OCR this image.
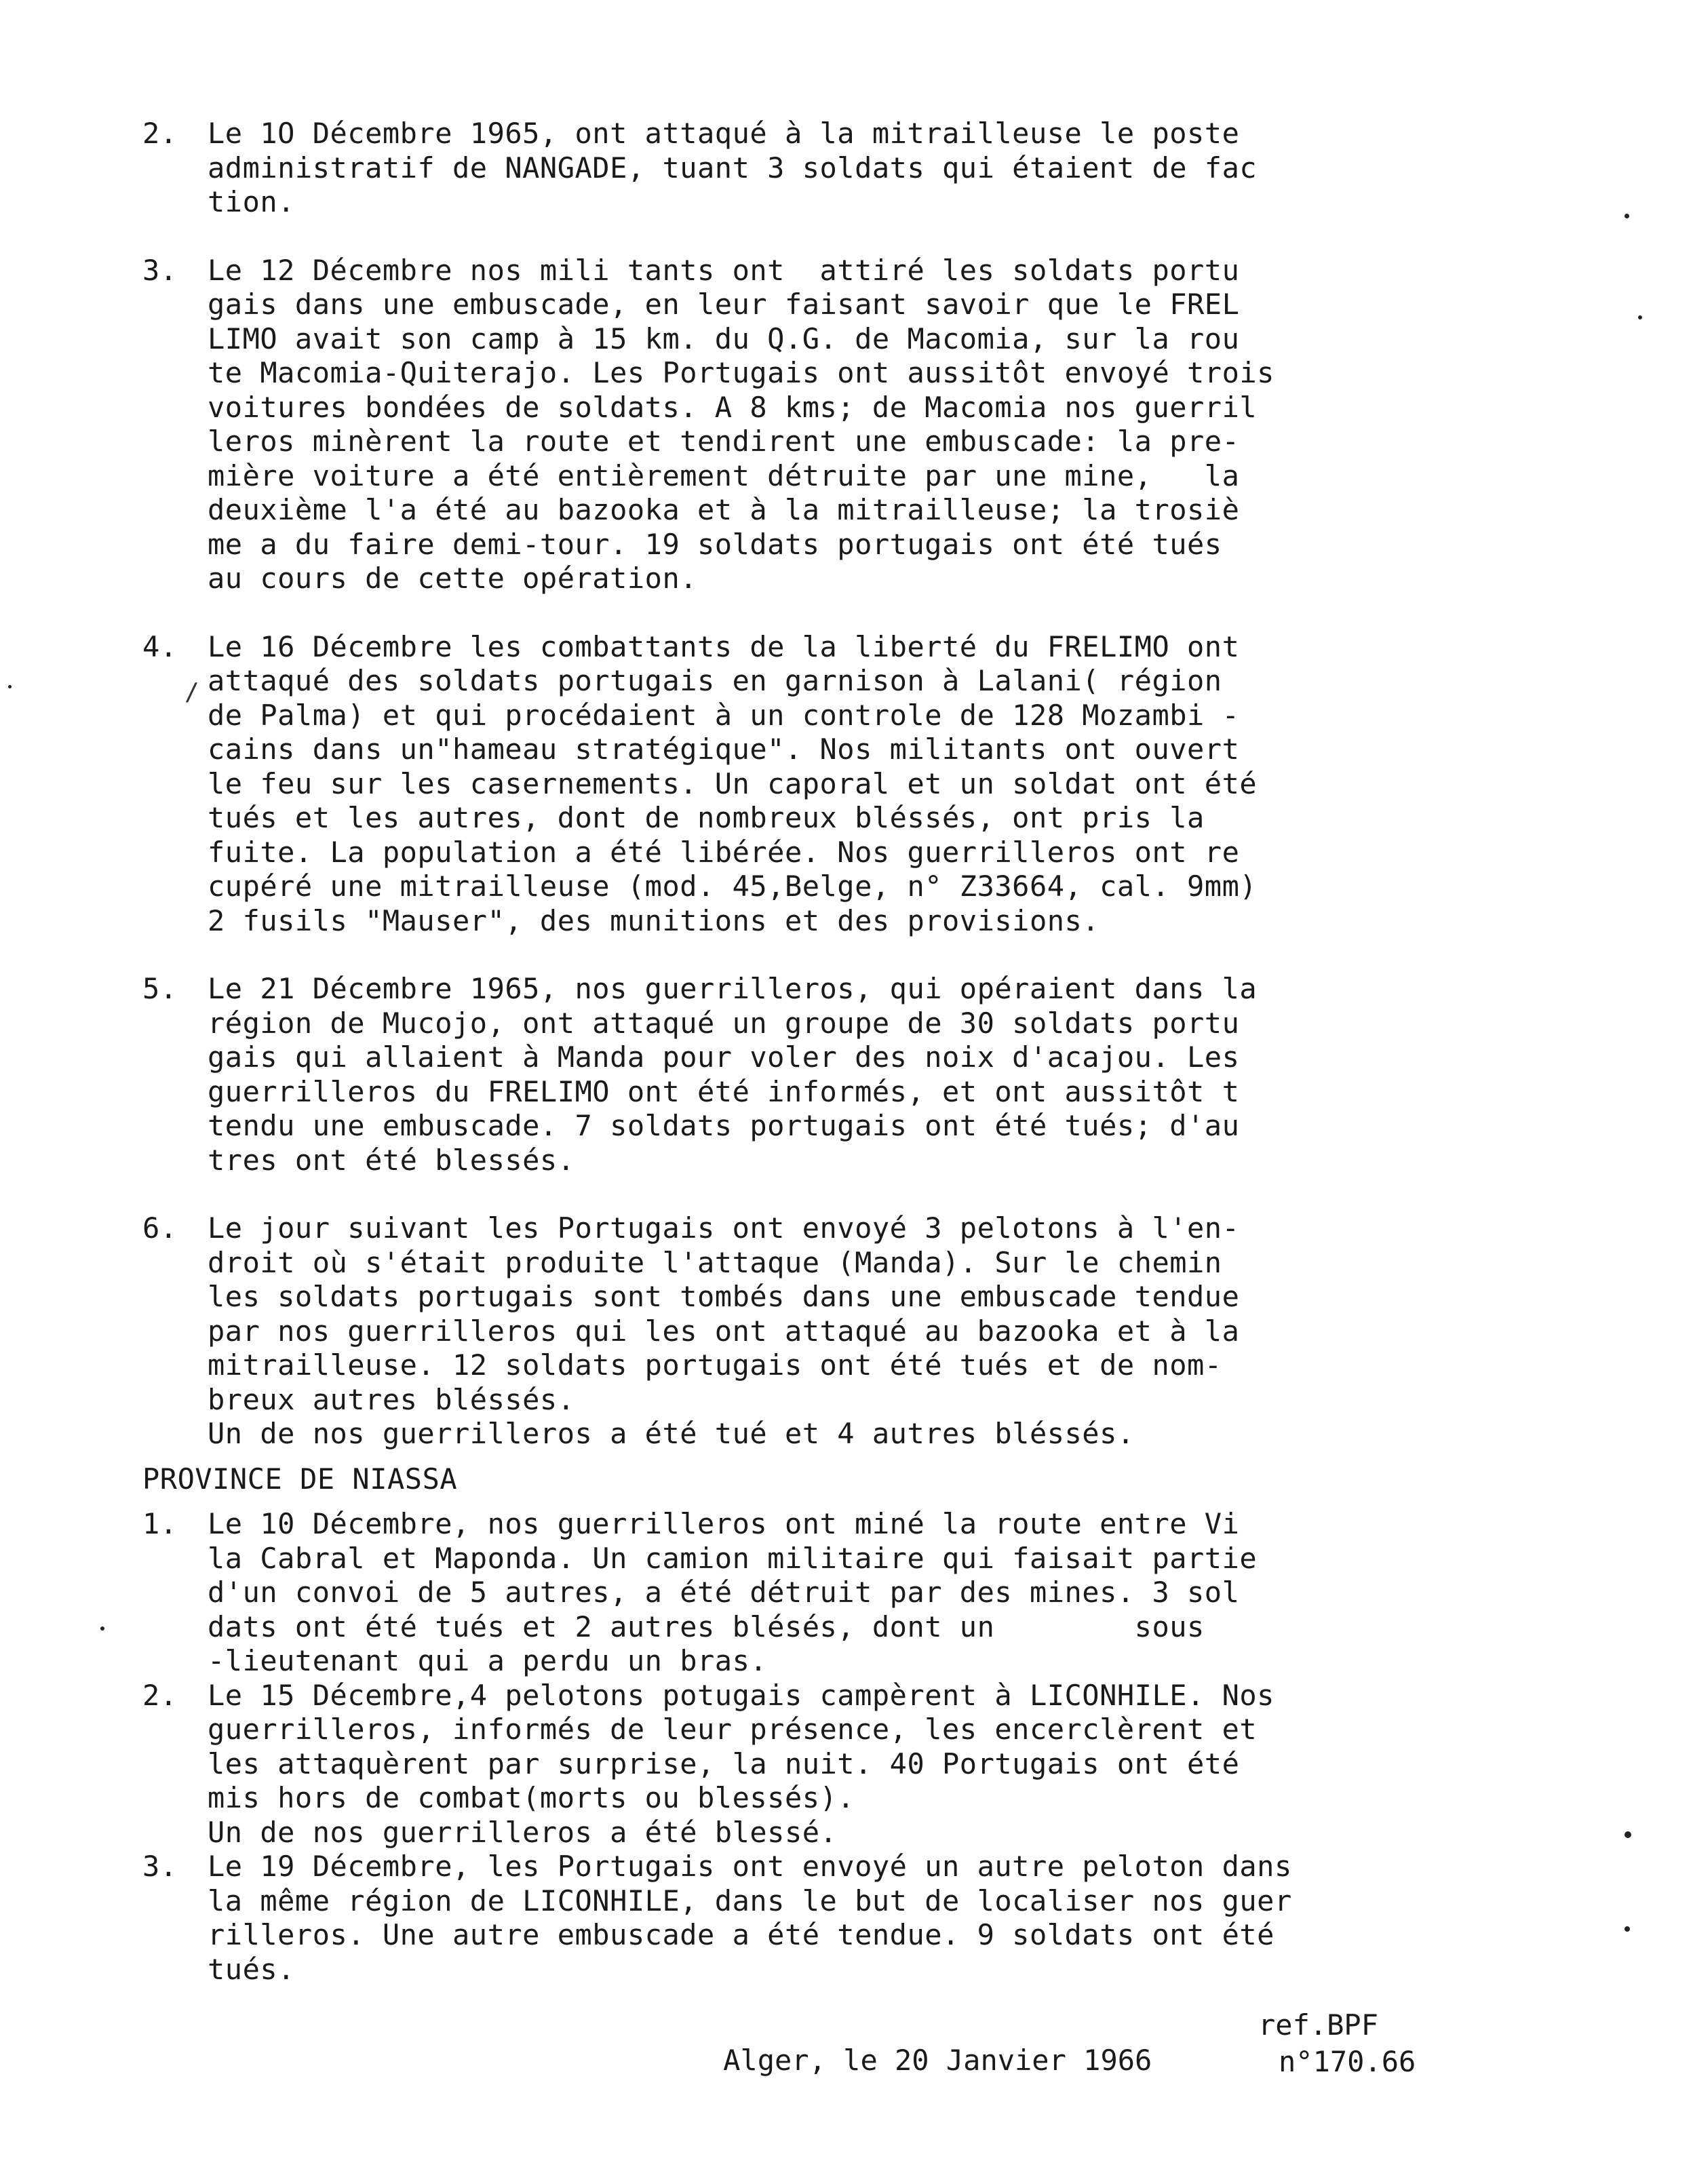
2. Le 1O Décembre 1965, ont attaqué à la mitrailleuse le poste

administratif de NANGADE, tuant 3 soldats qui étaient de fac

tion.

3. Le 12 Décembre nos mili tants ont  attiré les soldats portu

gais dans une embuscade, en leur faisant savoir que le FREL

LIMO avait son camp à 15 km. du Q.G. de Macomia, sur la rou

te Macomia-Quiterajo. Les Portugais ont aussitôt envoyé trois

voitures bondées de soldats. A 8 kms; de Macomia nos guerril

leros minèrent la route et tendirent une embuscade: la pre-

mière voiture a été entièrement détruite par une mine,   la

deuxième l'a été au bazooka et à la mitrailleuse; la trosiè

me a du faire demi-tour. 19 soldats portugais ont été tués

au cours de cette opération.

4. Le 16 Décembre les combattants de la liberté du FRELIMO ont

attaqué des soldats portugais en garnison à Lalani( région

de Palma) et qui procédaient à un controle de 128 Mozambi -

cains dans un"hameau stratégique". Nos militants ont ouvert

le feu sur les casernements. Un caporal et un soldat ont été

tués et les autres, dont de nombreux bléssés, ont pris la

fuite. La population a été libérée. Nos guerrilleros ont re

cupéré une mitrailleuse (mod. 45,Belge, n° Z33664, cal. 9mm)

2 fusils "Mauser", des munitions et des provisions.

5. Le 21 Décembre 1965, nos guerrilleros, qui opéraient dans la

région de Mucojo, ont attaqué un groupe de 30 soldats portu

gais qui allaient à Manda pour voler des noix d'acajou. Les

guerrilleros du FRELIMO ont été informés, et ont aussitôt t

tendu une embuscade. 7 soldats portugais ont été tués; d'au

tres ont été blessés.

6. Le jour suivant les Portugais ont envoyé 3 pelotons à l'en-

droit où s'était produite l'attaque (Manda). Sur le chemin

les soldats portugais sont tombés dans une embuscade tendue

par nos guerrilleros qui les ont attaqué au bazooka et à la

mitrailleuse. 12 soldats portugais ont été tués et de nom-

breux autres bléssés.

Un de nos guerrilleros a été tué et 4 autres bléssés.

PROVINCE DE NIASSA

1. Le 10 Décembre, nos guerrilleros ont miné la route entre Vi

la Cabral et Maponda. Un camion militaire qui faisait partie

d'un convoi de 5 autres, a été détruit par des mines. 3 sol

dats ont été tués et 2 autres blésés, dont un        sous

-lieutenant qui a perdu un bras.

2. Le 15 Décembre,4 pelotons potugais campèrent à LICONHILE. Nos

guerrilleros, informés de leur présence, les encerclèrent et

les attaquèrent par surprise, la nuit. 40 Portugais ont été

mis hors de combat(morts ou blessés).

Un de nos guerrilleros a été blessé.

3. Le 19 Décembre, les Portugais ont envoyé un autre peloton dans

la même région de LICONHILE, dans le but de localiser nos guer

rilleros. Une autre embuscade a été tendue. 9 soldats ont été

tués.

Alger, le 20 Janvier 1966

ref.BPF

n°170.66

/
